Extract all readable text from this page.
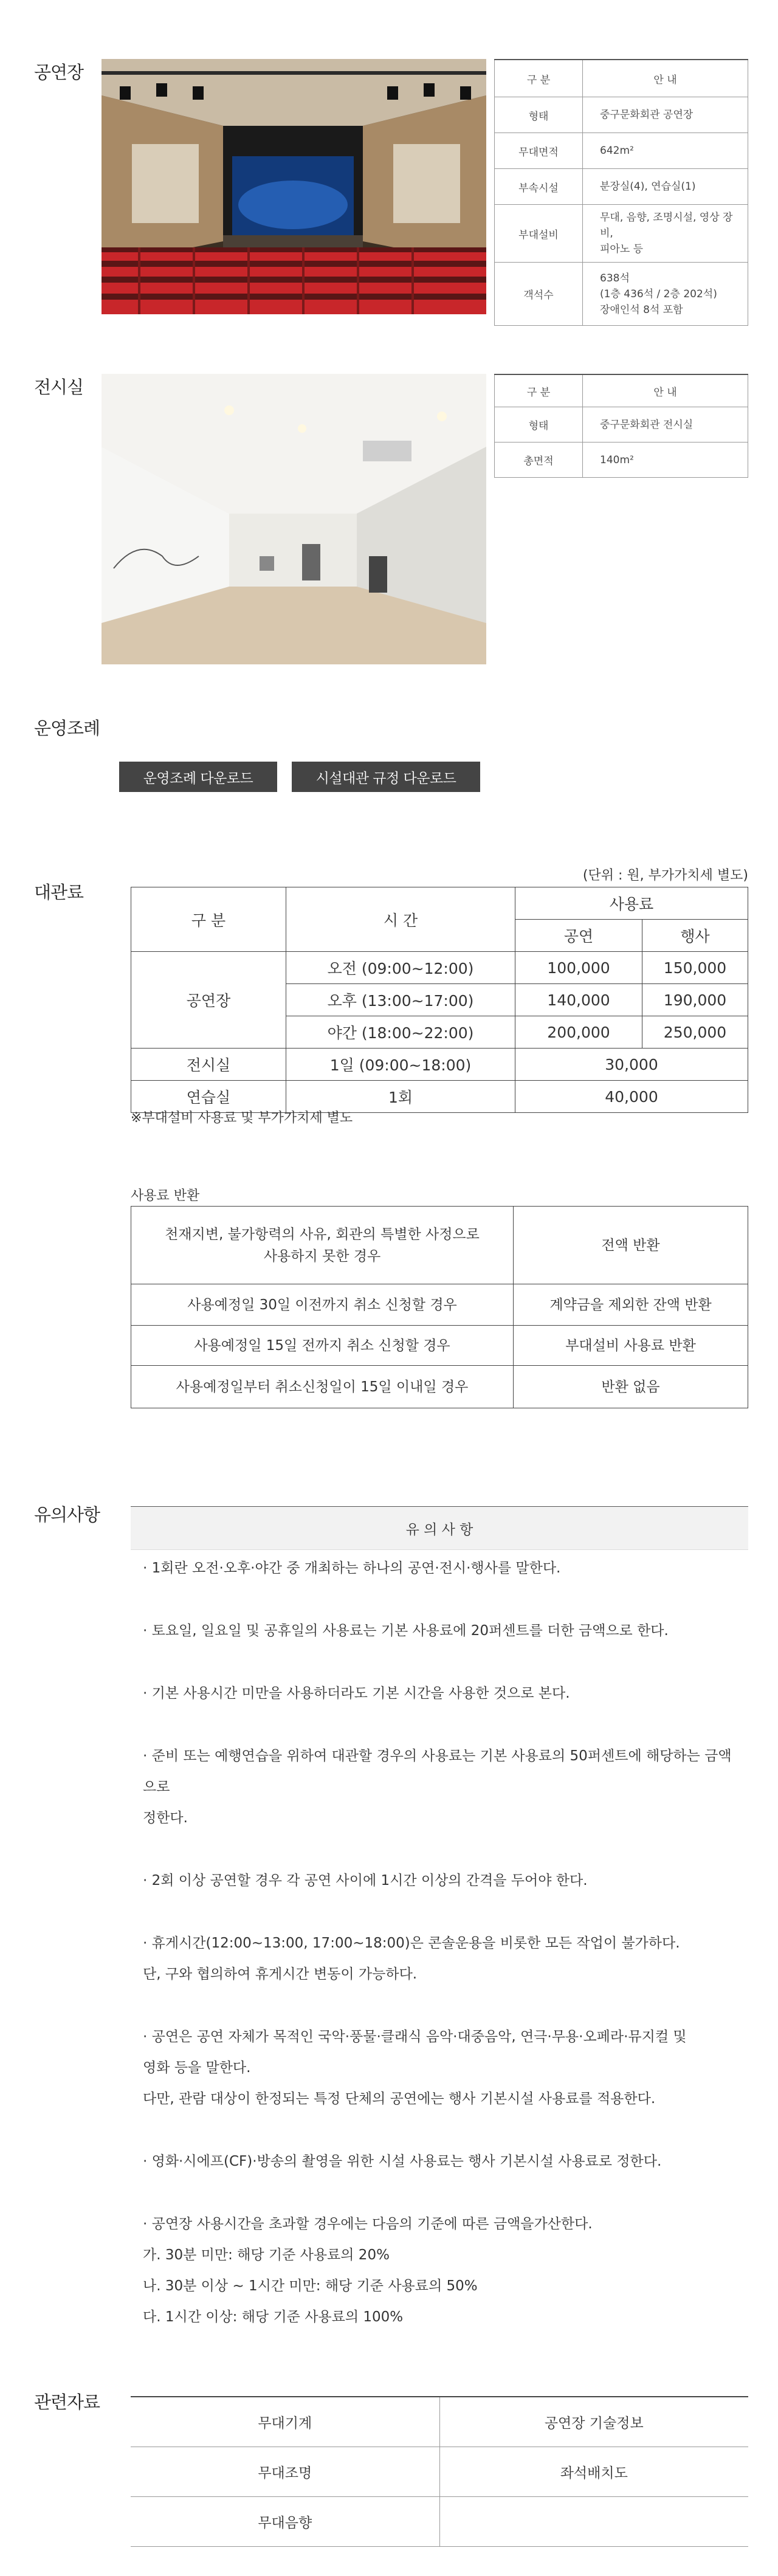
공연장	구 분	안 내
형태	중구문화회관 공연장
무대면적	642m²
부속시설	분장실(4), 연습실(1)
부대설비	무대, 음향, 조명시설, 영상 장비,
피아노 등
객석수	638석
(1층 436석 / 2층 202석)
장애인석 8석 포함
전시실	구 분	안 내
형태	중구문화회관 전시실
총면적	140m²
운영조례
운영조례 다운로드	시설대관 규정 다운로드
대관료
(단위 : 원, 부가가치세 별도)
구 분	시 간	사용료	
		공연	행사
공연장	오전 (09:00~12:00)	100,000	150,000
	오후 (13:00~17:00)	140,000	190,000
	야간 (18:00~22:00)	200,000	250,000
전시실	1일 (09:00~18:00)	30,000	
연습실	1회	40,000	
※부대설비 사용료 및 부가가치세 별도
사용료 반환
천재지변, 불가항력의 사유, 회관의 특별한 사정으로
사용하지 못한 경우	전액 반환
사용예정일 30일 이전까지 취소 신청할 경우	계약금을 제외한 잔액 반환
사용예정일 15일 전까지 취소 신청할 경우	부대설비 사용료 반환
사용예정일부터 취소신청일이 15일 이내일 경우	반환 없음
유의사항
유 의 사 항

· 1회란 오전·오후·야간 중 개최하는 하나의 공연·전시·행사를 말한다.

· 토요일, 일요일 및 공휴일의 사용료는 기본 사용료에 20퍼센트를 더한 금액으로 한다.

· 기본 사용시간 미만을 사용하더라도 기본 시간을 사용한 것으로 본다.

· 준비 또는 예행연습을 위하여 대관할 경우의 사용료는 기본 사용료의 50퍼센트에 해당하는 금액으로
정한다.

· 2회 이상 공연할 경우 각 공연 사이에 1시간 이상의 간격을 두어야 한다.

· 휴게시간(12:00~13:00, 17:00~18:00)은 콘솔운용을 비롯한 모든 작업이 불가하다.
단, 구와 협의하여 휴게시간 변동이 가능하다.

· 공연은 공연 자체가 목적인 국악·풍물·클래식 음악·대중음악, 연극·무용·오페라·뮤지컬 및
영화 등을 말한다.
다만, 관람 대상이 한정되는 특정 단체의 공연에는 행사 기본시설 사용료를 적용한다.

· 영화·시에프(CF)·방송의 촬영을 위한 시설 사용료는 행사 기본시설 사용료로 정한다.

· 공연장 사용시간을 초과할 경우에는 다음의 기준에 따른 금액을가산한다.
가. 30분 미만: 해당 기준 사용료의 20%
나. 30분 이상 ~ 1시간 미만: 해당 기준 사용료의 50%
다. 1시간 이상: 해당 기준 사용료의 100%

관련자료
무대기계	공연장 기술정보
무대조명	좌석배치도
무대음향	
